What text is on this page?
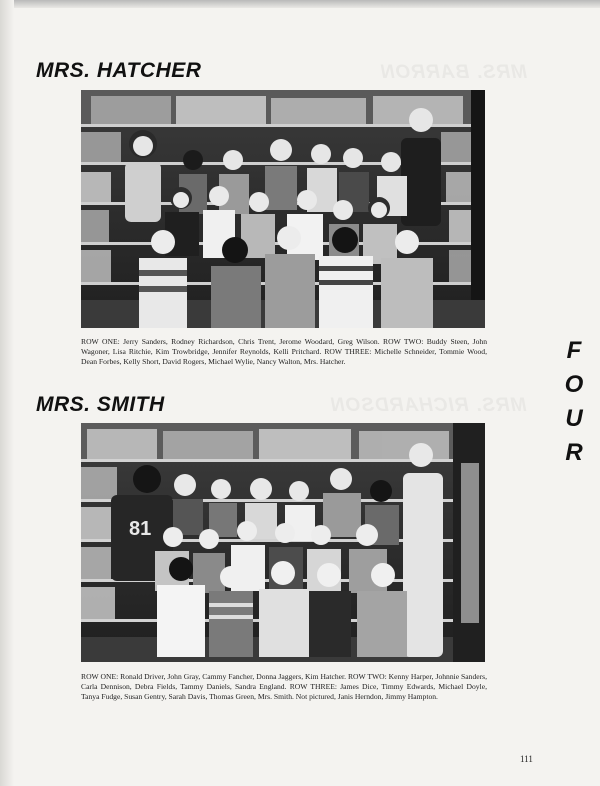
MRS. BARRON
MRS. RICHARDSON
MRS. HATCHER

ROW ONE: Jerry Sanders, Rodney Richardson, Chris Trent, Jerome Woodard, Greg Wilson. ROW TWO: Buddy Steen, John Wagoner, Lisa Ritchie, Kim Trowbridge, Jennifer Reynolds, Kelli Pritchard. ROW THREE: Michelle Schneider, Tommie Wood, Dean Forbes, Kelly Short, David Rogers, Michael Wylie, Nancy Walton, Mrs. Hatcher.	F
O
U
R
MRS. SMITH
81

ROW ONE: Ronald Driver, John Gray, Cammy Fancher, Donna Jaggers, Kim Hatcher. ROW TWO: Kenny Harper, Johnnie Sanders, Carla Dennison, Debra Fields, Tammy Daniels, Sandra England. ROW THREE: James Dice, Timmy Edwards, Michael Doyle, Tanya Fudge, Susan Gentry, Sarah Davis, Thomas Green, Mrs. Smith. Not pictured, Janis Herndon, Jimmy Hampton.

111
